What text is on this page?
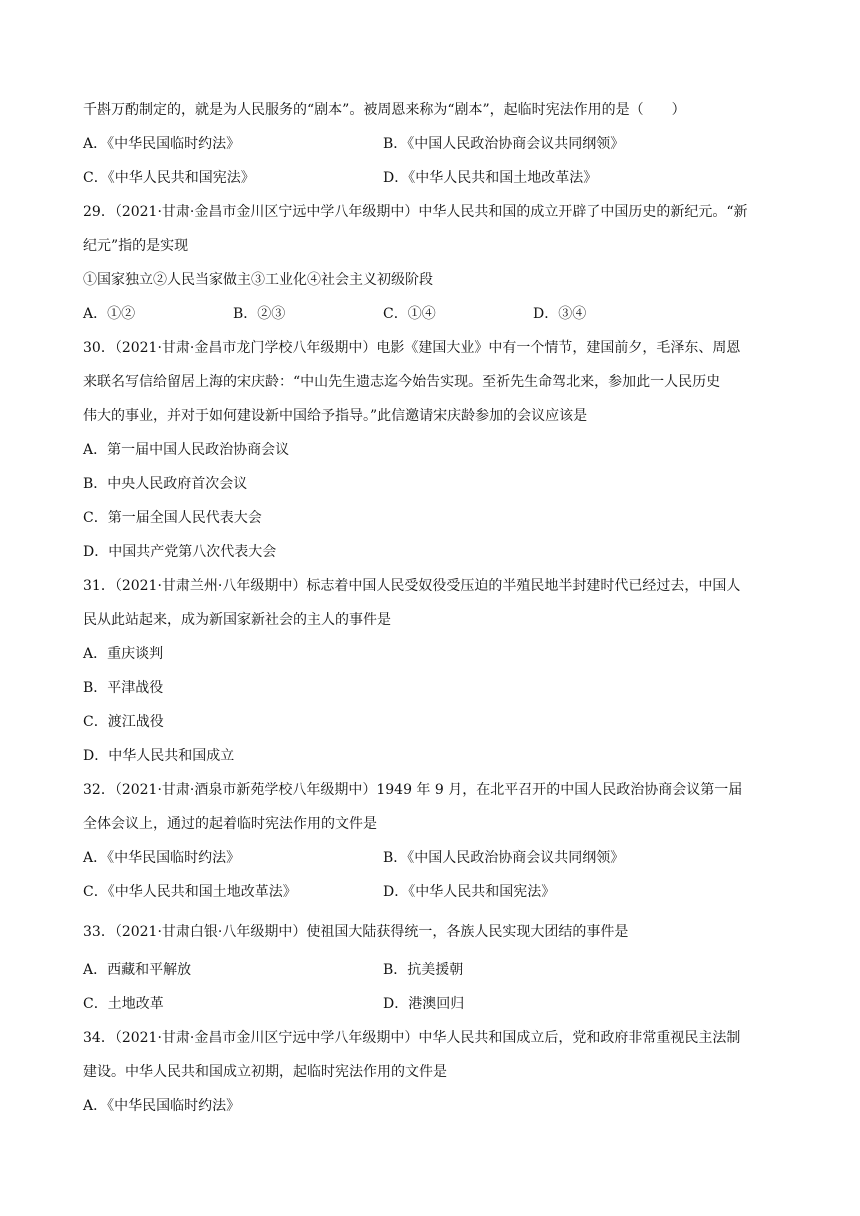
千斟万酌制定的，就是为人民服务的“剧本”。被周恩来称为“剧本”，起临时宪法作用的是（　　）
A．《中华民国临时约法》	B．《中国人民政治协商会议共同纲领》
C．《中华人民共和国宪法》	D．《中华人民共和国土地改革法》
29．（2021·甘肃·金昌市金川区宁远中学八年级期中）中华人民共和国的成立开辟了中国历史的新纪元。“新
纪元”指的是实现
①国家独立②人民当家做主③工业化④社会主义初级阶段
A．①②	B．②③	C．①④	D．③④
30．（2021·甘肃·金昌市龙门学校八年级期中）电影《建国大业》中有一个情节，建国前夕，毛泽东、周恩
来联名写信给留居上海的宋庆龄：“中山先生遗志迄今始告实现。至祈先生命驾北来，参加此一人民历史
伟大的事业，并对于如何建设新中国给予指导。”此信邀请宋庆龄参加的会议应该是
A．第一届中国人民政治协商会议
B．中央人民政府首次会议
C．第一届全国人民代表大会
D．中国共产党第八次代表大会
31．（2021·甘肃兰州·八年级期中）标志着中国人民受奴役受压迫的半殖民地半封建时代已经过去，中国人
民从此站起来，成为新国家新社会的主人的事件是
A．重庆谈判
B．平津战役
C．渡江战役
D．中华人民共和国成立
32．（2021·甘肃·酒泉市新苑学校八年级期中）1949 年 9 月，在北平召开的中国人民政治协商会议第一届
全体会议上，通过的起着临时宪法作用的文件是
A．《中华民国临时约法》	B．《中国人民政治协商会议共同纲领》
C．《中华人民共和国土地改革法》	D．《中华人民共和国宪法》
33．（2021·甘肃白银·八年级期中）使祖国大陆获得统一，各族人民实现大团结的事件是
A．西藏和平解放	B．抗美援朝
C．土地改革	D．港澳回归
34．（2021·甘肃·金昌市金川区宁远中学八年级期中）中华人民共和国成立后，党和政府非常重视民主法制
建设。中华人民共和国成立初期，起临时宪法作用的文件是
A．《中华民国临时约法》
